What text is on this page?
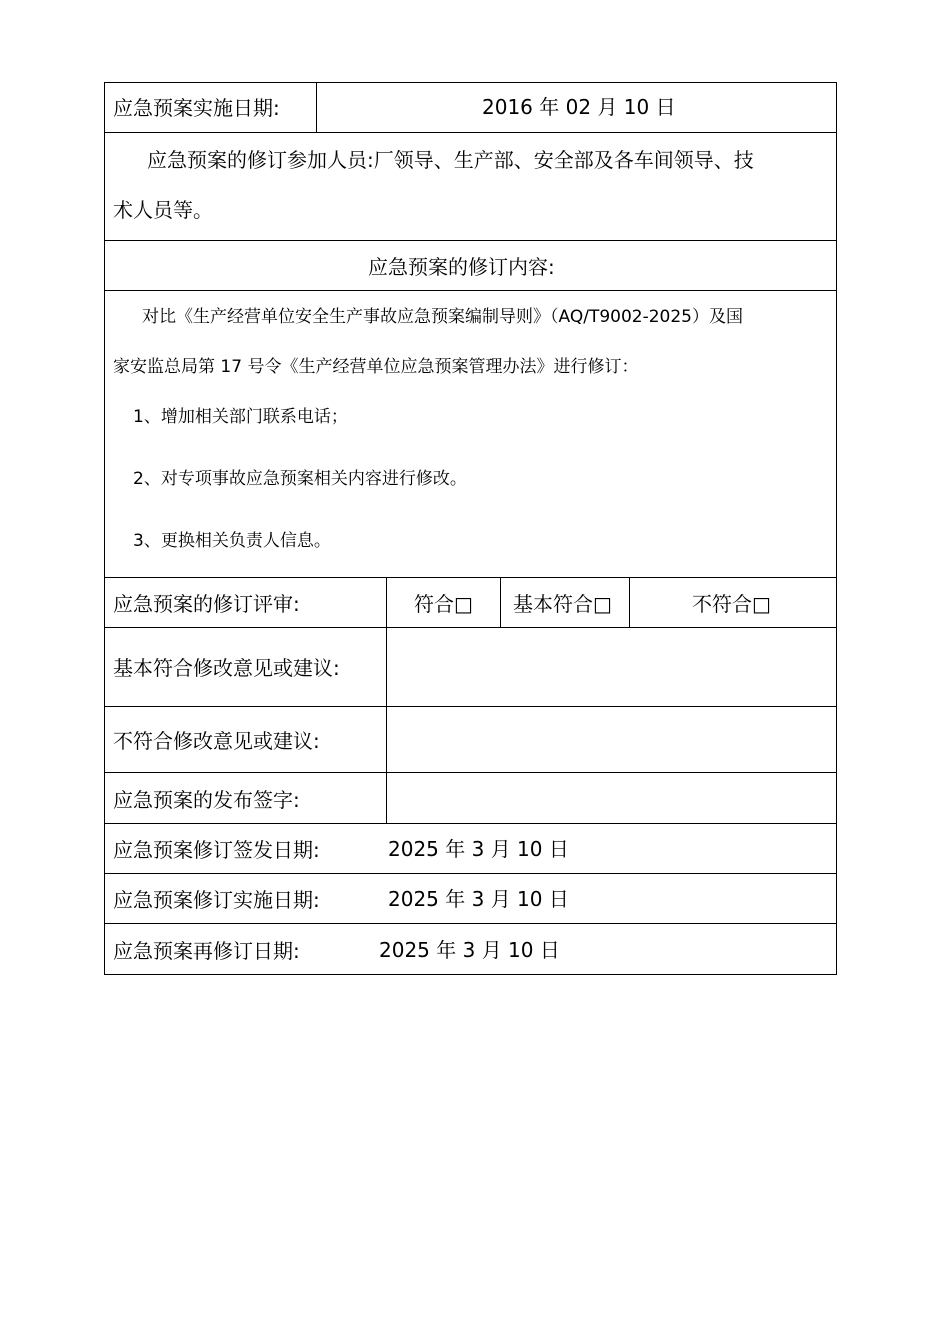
应急预案实施日期:	2016 年 02 月 10 日
应急预案的修订参加人员:厂领导、生产部、安全部及各车间领导、技
术人员等。
应急预案的修订内容:
对比《生产经营单位安全生产事故应急预案编制导则》（AQ/T9002-2025）及国
家安监总局第 17 号令《生产经营单位应急预案管理办法》进行修订：
1、增加相关部门联系电话；
2、对专项事故应急预案相关内容进行修改。
3、更换相关负责人信息。
应急预案的修订评审:	符合□ 基本符合□	不符合□
基本符合修改意见或建议:
不符合修改意见或建议:
应急预案的发布签字:
应急预案修订签发日期:	2025 年 3 月 10 日
应急预案修订实施日期:	2025 年 3 月 10 日
应急预案再修订日期:	2025 年 3 月 10 日
